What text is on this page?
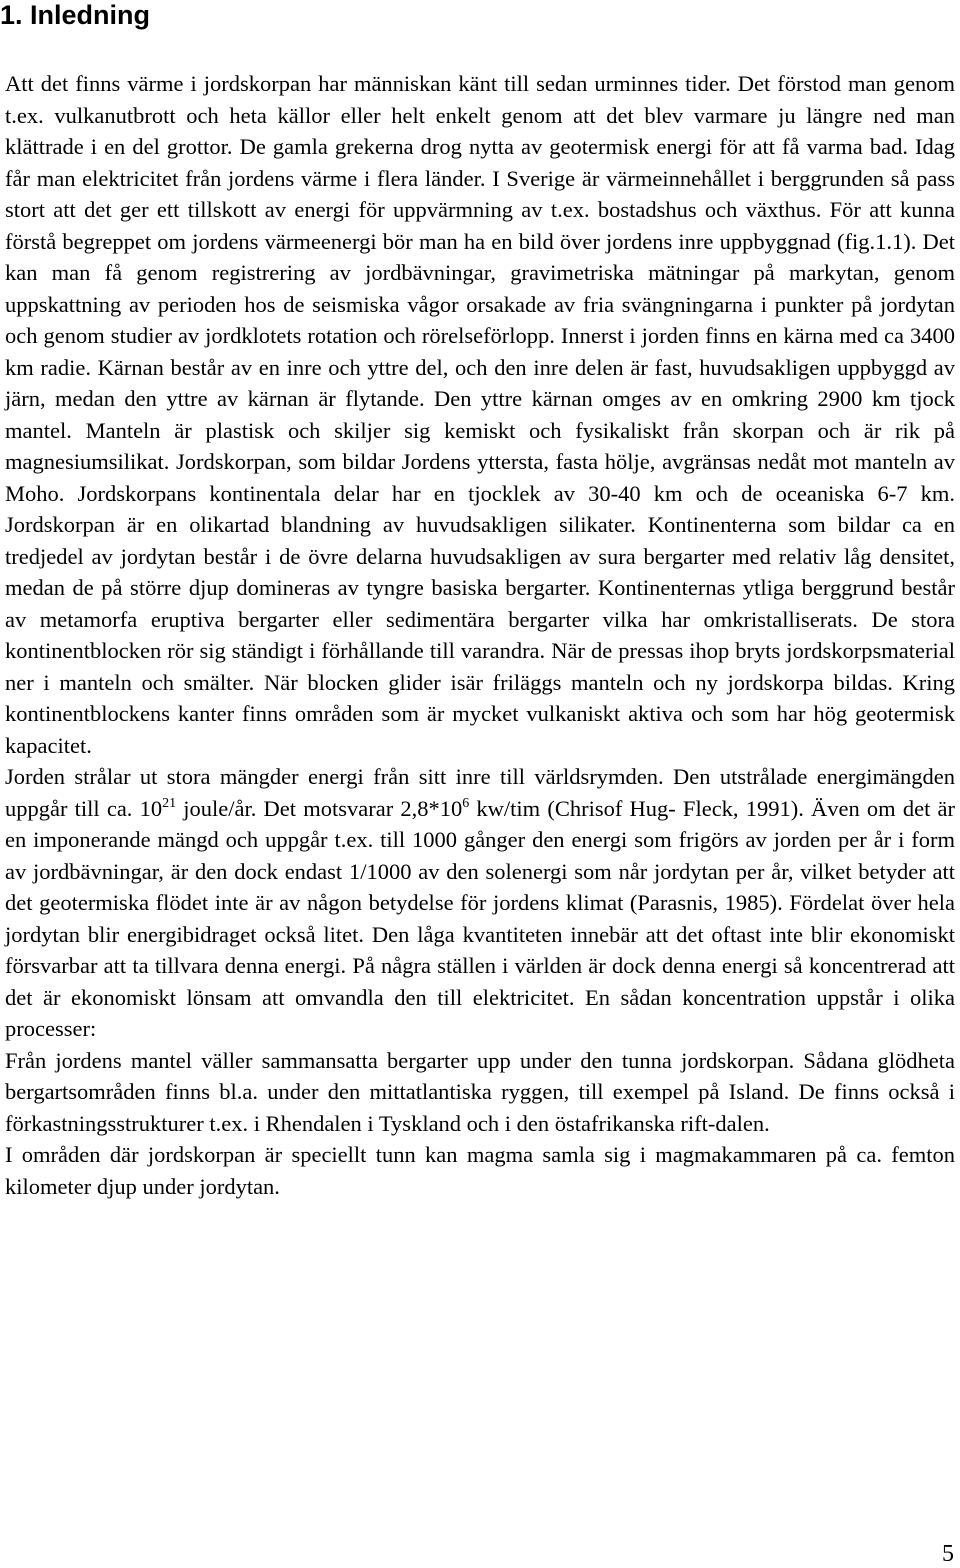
1. Inledning

Att det finns värme i jordskorpan har människan känt till sedan urminnes tider. Det förstod man genom t.ex. vulkanutbrott och heta källor eller helt enkelt genom att det blev varmare ju längre ned man klättrade i en del grottor. De gamla grekerna drog nytta av geotermisk energi för att få varma bad. Idag får man elektricitet från jordens värme i flera länder. I Sverige är värmeinnehållet i berggrunden så pass stort att det ger ett tillskott av energi för uppvärmning av t.ex. bostadshus och växthus. För att kunna förstå begreppet om jordens värmeenergi bör man ha en bild över jordens inre uppbyggnad (fig.1.1). Det kan man få genom registrering av jordbävningar, gravimetriska mätningar på markytan, genom uppskattning av perioden hos de seismiska vågor orsakade av fria svängningarna i punkter på jordytan och genom studier av jordklotets rotation och rörelseförlopp. Innerst i jorden finns en kärna med ca 3400 km radie. Kärnan består av en inre och yttre del, och den inre delen är fast, huvudsakligen uppbyggd av järn, medan den yttre av kärnan är flytande. Den yttre kärnan omges av en omkring 2900 km tjock mantel. Manteln är plastisk och skiljer sig kemiskt och fysikaliskt från skorpan och är rik på magnesiumsilikat. Jordskorpan, som bildar Jordens yttersta, fasta hölje, avgränsas nedåt mot manteln av Moho. Jordskorpans kontinentala delar har en tjocklek av 30-40 km och de oceaniska 6-7 km. Jordskorpan är en olikartad blandning av huvudsakligen silikater. Kontinenterna som bildar ca en tredjedel av jordytan består i de övre delarna huvudsakligen av sura bergarter med relativ låg densitet, medan de på större djup domineras av tyngre basiska bergarter. Kontinenternas ytliga berggrund består av metamorfa eruptiva bergarter eller sedimentära bergarter vilka har omkristalliserats. De stora kontinentblocken rör sig ständigt i förhållande till varandra. När de pressas ihop bryts jordskorpsmaterial ner i manteln och smälter. När blocken glider isär friläggs manteln och ny jordskorpa bildas. Kring kontinentblockens kanter finns områden som är mycket vulkaniskt aktiva och som har hög geotermisk kapacitet.

Jorden strålar ut stora mängder energi från sitt inre till världsrymden. Den utstrålade energimängden uppgår till ca. $10^{21}$ joule/år. Det motsvarar $2,8*10^6$ kw/tim (Chrisof Hug- Fleck, 1991). Även om det är en imponerande mängd och uppgår t.ex. till 1000 gånger den energi som frigörs av jorden per år i form av jordbävningar, är den dock endast 1/1000 av den solenergi som når jordytan per år, vilket betyder att det geotermiska flödet inte är av någon betydelse för jordens klimat (Parasnis, 1985). Fördelat över hela jordytan blir energibidraget också litet. Den låga kvantiteten innebär att det oftast inte blir ekonomiskt försvarbar att ta tillvara denna energi. På några ställen i världen är dock denna energi så koncentrerad att det är ekonomiskt lönsam att omvandla den till elektricitet. En sådan koncentration uppstår i olika processer:

Från jordens mantel väller sammansatta bergarter upp under den tunna jordskorpan. Sådana glödheta bergartsområden finns bl.a. under den mittatlantiska ryggen, till exempel på Island. De finns också i förkastningsstrukturer t.ex. i Rhendalen i Tyskland och i den östafrikanska rift-dalen.

I områden där jordskorpan är speciellt tunn kan magma samla sig i magmakammaren på ca. femton kilometer djup under jordytan.

5
